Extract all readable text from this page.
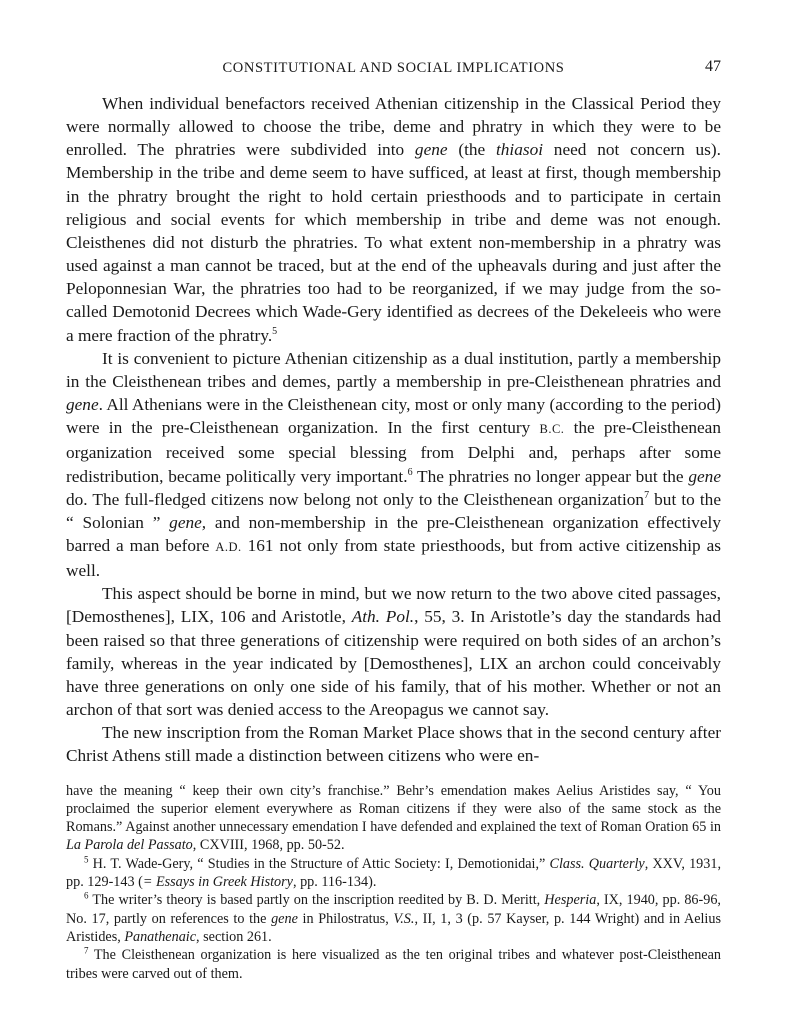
CONSTITUTIONAL AND SOCIAL IMPLICATIONS	47

When individual benefactors received Athenian citizenship in the Classical Period they were normally allowed to choose the tribe, deme and phratry in which they were to be enrolled. The phratries were subdivided into gene (the thiasoi need not concern us). Membership in the tribe and deme seem to have sufficed, at least at first, though membership in the phratry brought the right to hold certain priesthoods and to participate in certain religious and social events for which membership in tribe and deme was not enough. Cleisthenes did not disturb the phratries. To what extent non-membership in a phratry was used against a man cannot be traced, but at the end of the upheavals during and just after the Peloponnesian War, the phratries too had to be reorganized, if we may judge from the so-called Demotonid Decrees which Wade-Gery identified as decrees of the Dekeleeis who were a mere fraction of the phratry.$^5$

It is convenient to picture Athenian citizenship as a dual institution, partly a membership in the Cleisthenean tribes and demes, partly a membership in pre-Cleisthenean phratries and gene. All Athenians were in the Cleisthenean city, most or only many (according to the period) were in the pre-Cleisthenean organization. In the first century B.C. the pre-Cleisthenean organization received some special blessing from Delphi and, perhaps after some redistribution, became politically very important.$^6$ The phratries no longer appear but the gene do. The full-fledged citizens now belong not only to the Cleisthenean organization$^7$ but to the “ Solonian ” gene, and non-membership in the pre-Cleisthenean organization effectively barred a man before A.D. 161 not only from state priesthoods, but from active citizenship as well.

This aspect should be borne in mind, but we now return to the two above cited passages, [Demosthenes], LIX, 106 and Aristotle, Ath. Pol., 55, 3. In Aristotle’s day the standards had been raised so that three generations of citizenship were required on both sides of an archon’s family, whereas in the year indicated by [Demosthenes], LIX an archon could conceivably have three generations on only one side of his family, that of his mother. Whether or not an archon of that sort was denied access to the Areopagus we cannot say.

The new inscription from the Roman Market Place shows that in the second century after Christ Athens still made a distinction between citizens who were en-

have the meaning “ keep their own city’s franchise.” Behr’s emendation makes Aelius Aristides say, “ You proclaimed the superior element everywhere as Roman citizens if they were also of the same stock as the Romans.” Against another unnecessary emendation I have defended and explained the text of Roman Oration 65 in La Parola del Passato, CXVIII, 1968, pp. 50-52.

$^5$ H. T. Wade-Gery, “ Studies in the Structure of Attic Society: I, Demotionidai,” Class. Quarterly, XXV, 1931, pp. 129-143 (= Essays in Greek History, pp. 116-134).

$^6$ The writer’s theory is based partly on the inscription reedited by B. D. Meritt, Hesperia, IX, 1940, pp. 86-96, No. 17, partly on references to the gene in Philostratus, V.S., II, 1, 3 (p. 57 Kayser, p. 144 Wright) and in Aelius Aristides, Panathenaic, section 261.

$^7$ The Cleisthenean organization is here visualized as the ten original tribes and whatever post-Cleisthenean tribes were carved out of them.
